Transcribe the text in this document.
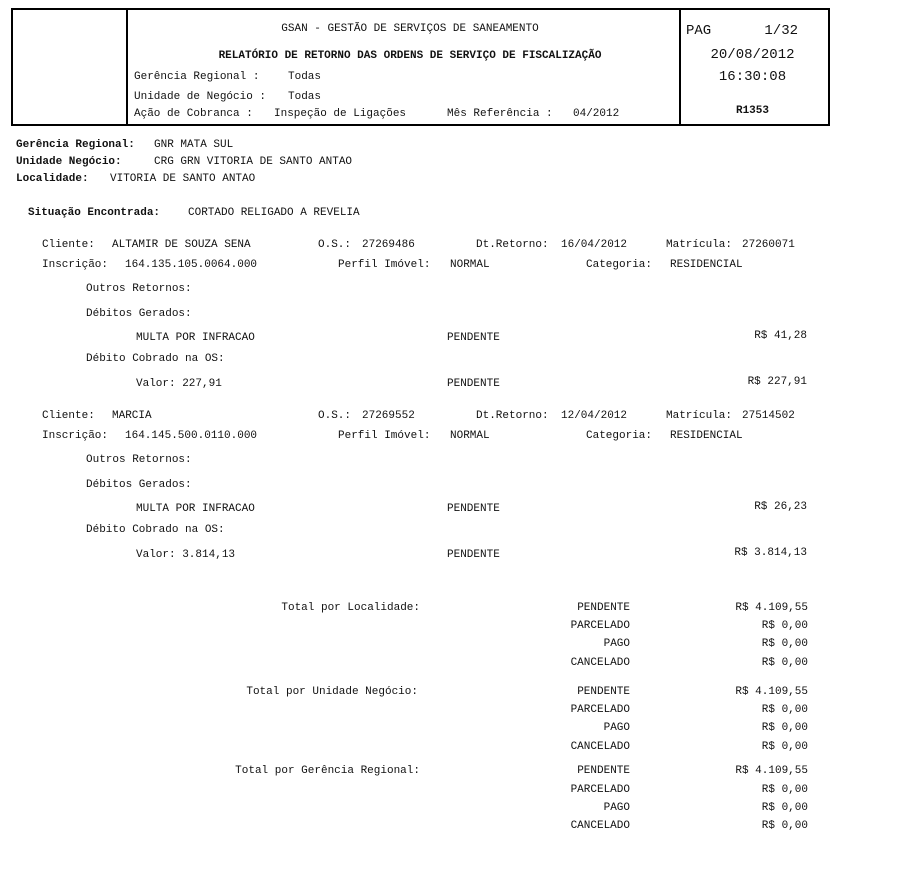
GSAN - GESTÃO DE SERVIÇOS DE SANEAMENTO
RELATÓRIO DE RETORNO DAS ORDENS DE SERVIÇO DE FISCALIZAÇÃO
Gerência Regional :	Todas
Unidade de Negócio : Todas
Ação de Cobranca : Inspeção de Ligações	Mês Referência : 04/2012
PAG	1/32
20/08/2012
16:30:08
R1353
Gerência Regional: GNR MATA SUL
Unidade Negócio:	CRG GRN VITORIA DE SANTO ANTAO
Localidade: VITORIA DE SANTO ANTAO
Situação Encontrada:	CORTADO RELIGADO A REVELIA
Cliente: ALTAMIR DE SOUZA SENA	O.S.: 27269486	Dt.Retorno: 16/04/2012	Matrícula: 27260071
Inscrição: 164.135.105.0064.000	Perfil Imóvel: NORMAL	Categoria: RESIDENCIAL
Outros Retornos:
Débitos Gerados:
MULTA POR INFRACAO	PENDENTE	R$ 41,28
Débito Cobrado na OS:
Valor: 227,91	PENDENTE	R$ 227,91
Cliente: MARCIA	O.S.: 27269552	Dt.Retorno: 12/04/2012	Matrícula: 27514502
Inscrição: 164.145.500.0110.000	Perfil Imóvel: NORMAL	Categoria: RESIDENCIAL
Outros Retornos:
Débitos Gerados:
MULTA POR INFRACAO	PENDENTE	R$ 26,23
Débito Cobrado na OS:
Valor: 3.814,13	PENDENTE	R$ 3.814,13
Total por Localidade:	PENDENTE	R$ 4.109,55
PARCELADO	R$ 0,00
PAGO	R$ 0,00
CANCELADO	R$ 0,00
Total por Unidade Negócio:	PENDENTE	R$ 4.109,55
PARCELADO	R$ 0,00
PAGO	R$ 0,00
CANCELADO	R$ 0,00
Total por Gerência Regional:	PENDENTE	R$ 4.109,55
PARCELADO	R$ 0,00
PAGO	R$ 0,00
CANCELADO	R$ 0,00
